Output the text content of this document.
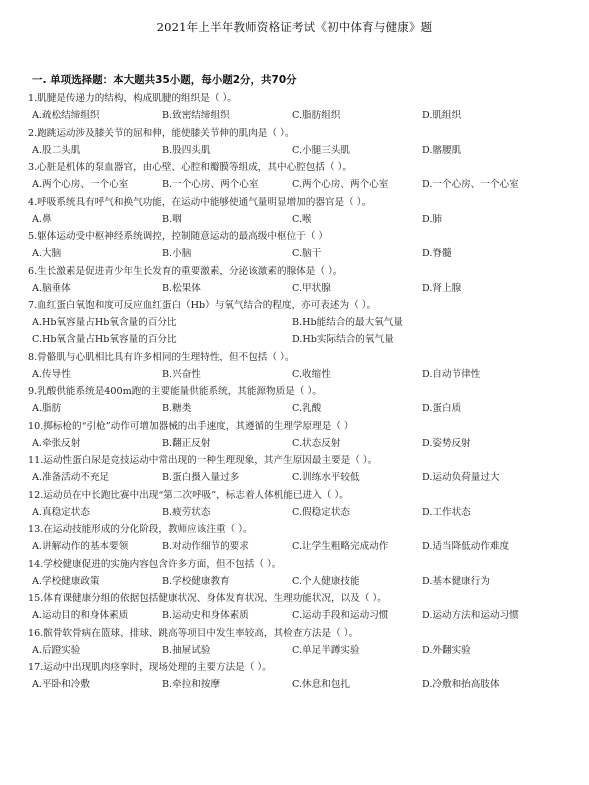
2021年上半年教师资格证考试《初中体育与健康》题
一. 单项选择题：本大题共35小题，每小题2分，共70分
1.肌腱是传递力的结构，构成肌腱的组织是（ ）。
A.疏松结缔组织	B.致密结缔组织	C.脂肪组织	D.肌组织
2.跑跳运动涉及膝关节的屈和伸，能使膝关节伸的肌肉是（ ）。
A.股二头肌	B.股四头肌	C.小腿三头肌	D.髂腰肌
3.心脏是机体的泵血器官，由心壁、心腔和瓣膜等组成，其中心腔包括（ ）。
A.两个心房、一个心室	B.一个心房、两个心室	C.两个心房、两个心室	D.一个心房、一个心室
4.呼吸系统具有呼气和换气功能，在运动中能够使通气量明显增加的器官是（ ）。
A.鼻	B.咽	C.喉	D.肺
5.躯体运动受中枢神经系统调控，控制随意运动的最高级中枢位于（ ）
A.大脑	B.小脑	C.脑干	D.脊髓
6.生长激素是促进青少年生长发育的重要激素，分泌该激素的腺体是（ ）。
A.脑垂体	B.松果体	C.甲状腺	D.肾上腺
7.血红蛋白氧饱和度可反应血红蛋白（Hb）与氧气结合的程度，亦可表述为（ ）。
A.Hb氧容量占Hb氧含量的百分比	B.Hb能结合的最大氧气量
C.Hb氧含量占Hb氧容量的百分比	D.Hb实际结合的氧气量
8.骨骼肌与心肌相比具有许多相同的生理特性，但不包括（ ）。
A.传导性	B.兴奋性	C.收缩性	D.自动节律性
9.乳酸供能系统是400m跑的主要能量供能系统，其能源物质是（ ）。
A.脂肪	B.糖类	C.乳酸	D.蛋白质
10.掷标枪的“引枪”动作可增加器械的出手速度，其遵循的生理学原理是（ ）
A.牵张反射	B.翻正反射	C.状态反射	D.姿势反射
11.运动性蛋白尿是竞技运动中常出现的一种生理现象，其产生原因最主要是（ ）。
A.准备活动不充足	B.蛋白摄入量过多	C.训练水平较低	D.运动负荷量过大
12.运动员在中长跑比赛中出现“第二次呼吸”，标志着人体机能已进入（ ）。
A.真稳定状态	B.疲劳状态	C.假稳定状态	D.工作状态
13.在运动技能形成的分化阶段，教师应该注重（ ）。
A.讲解动作的基本要领	B.对动作细节的要求	C.让学生粗略完成动作	D.适当降低动作难度
14.学校健康促进的实施内容包含许多方面，但不包括（ ）。
A.学校健康政策	B.学校健康教育	C.个人健康技能	D.基本健康行为
15.体育课健康分组的依据包括健康状况、身体发育状况、生理功能状况，以及（ ）。
A.运动目的和身体素质	B.运动史和身体素质	C.运动手段和运动习惯	D.运动方法和运动习惯
16.髌骨软骨病在篮球、排球、跳高等项目中发生率较高，其检查方法是（ ）。
A.后蹬实验	B.抽屉试验	C.单足半蹲实验	D.外翻实验
17.运动中出现肌肉痉挛时，现场处理的主要方法是（ ）。
A.平卧和冷敷	B.牵拉和按摩	C.休息和包扎	D.冷敷和抬高肢体
